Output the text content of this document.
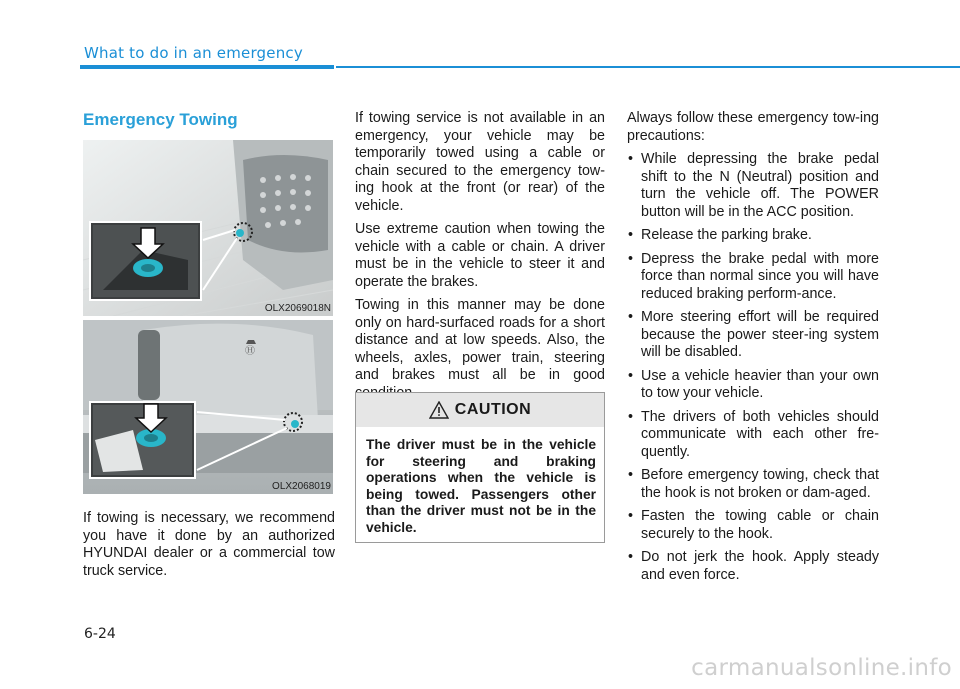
What to do in an emergency
Emergency Towing
OLX2069018N
Ⓗ
OLX2068019

If towing is necessary, we recommend you have it done by an authorized HYUNDAI dealer or a commercial tow truck service.

If towing service is not available in an emergency, your vehicle may be temporarily towed using a cable or chain secured to the emergency tow-ing hook at the front (or rear) of the vehicle.

Use extreme caution when towing the vehicle with a cable or chain. A driver must be in the vehicle to steer it and operate the brakes.

Towing in this manner may be done only on hard-surfaced roads for a short distance and at low speeds. Also, the wheels, axles, power train, steering and brakes must all be in good

CAUTION
The driver must be in the vehicle for steering and braking operations when the vehicle is being towed. Passengers other than the driver must not be in the vehicle.

Always follow these emergency tow-ing precautions:

• While depressing the brake pedal shift to the N (Neutral) position and turn the vehicle off. The POWER button will be in the ACC position.
• Release the parking brake.
• Depress the brake pedal with more force than normal since you will have reduced braking perform-ance.
• More steering effort will be required because the power steer-ing system will be disabled.
• Use a vehicle heavier than your own to tow your vehicle.
• The drivers of both vehicles should communicate with each other fre-quently.
• Before emergency towing, check that the hook is not broken or dam-aged.
• Fasten the towing cable or chain securely to the hook.
• Do not jerk the hook. Apply steady and even force.
6-24
carmanualsonline.info
